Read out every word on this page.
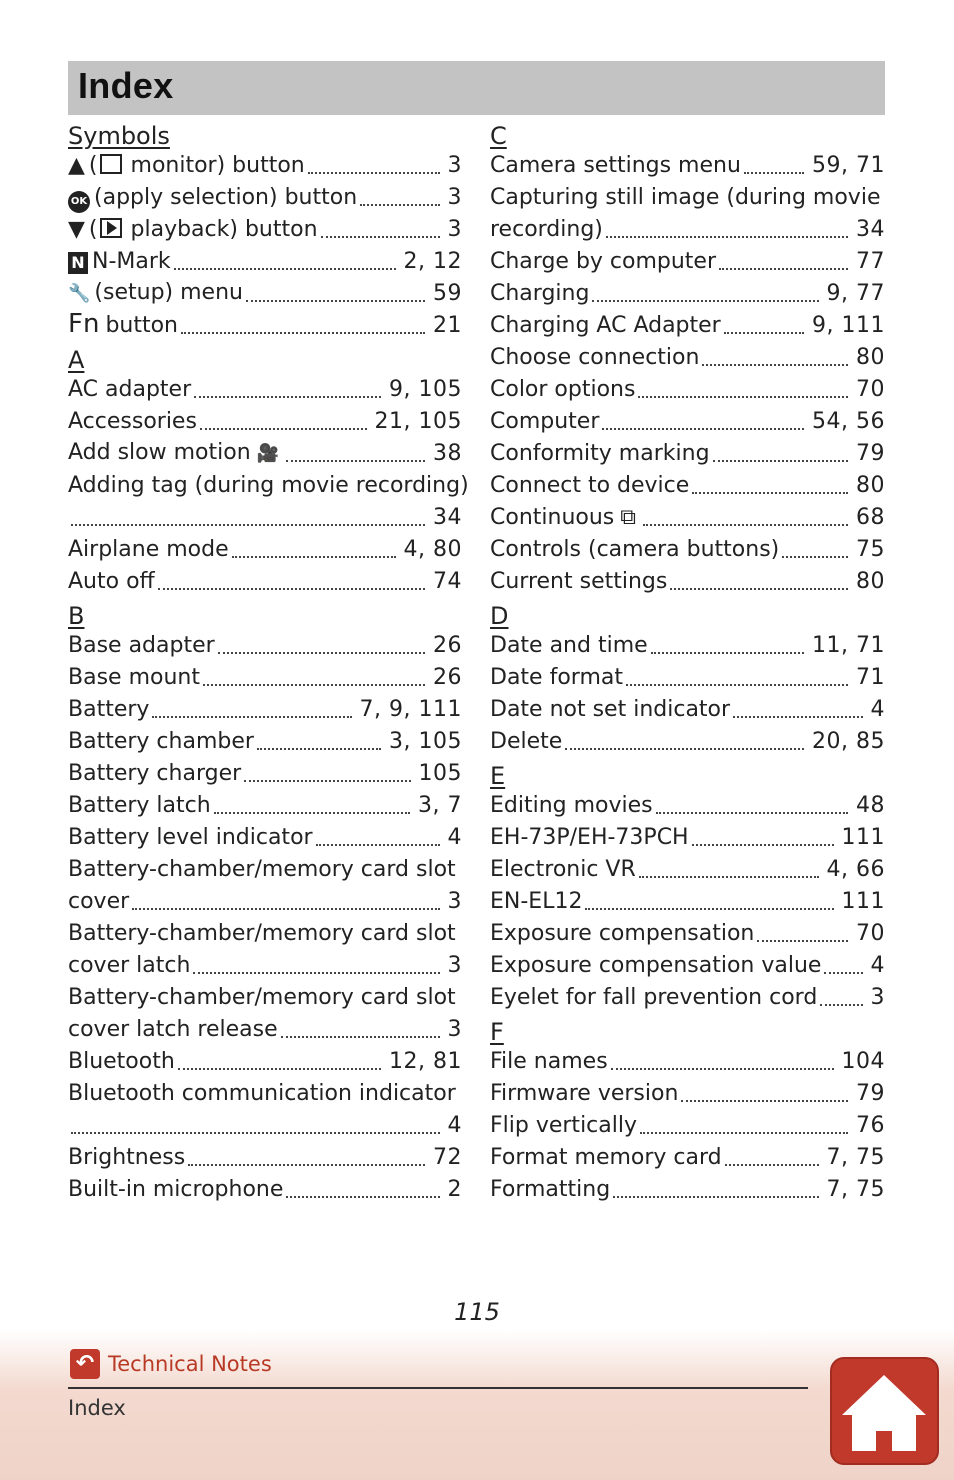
Index
Symbols
▲ ( monitor) button	3
OK (apply selection) button	3
▼ (
playback) button	3
N N-Mark	2, 12
🔧 (setup) menu	59
Fn button	21
A
AC adapter	9, 105
Accessories	21, 105
Add slow motion 🎥	38
Adding tag (during movie recording)
34
Airplane mode	4, 80
Auto off	74
B
Base adapter	26
Base mount	26
Battery	7, 9, 111
Battery chamber	3, 105
Battery charger	105
Battery latch	3, 7
Battery level indicator	4
Battery-chamber/memory card slot
cover	3
Battery-chamber/memory card slot
cover latch	3
Battery-chamber/memory card slot
cover latch release	3
Bluetooth	12, 81
Bluetooth communication indicator
4
Brightness	72
Built-in microphone	2
C
Camera settings menu	59, 71
Capturing still image (during movie
recording)	34
Charge by computer	77
Charging	9, 77
Charging AC Adapter	9, 111
Choose connection	80
Color options	70
Computer	54, 56
Conformity marking	79
Connect to device	80
Continuous ⧉	68
Controls (camera buttons)	75
Current settings	80
D
Date and time	11, 71
Date format	71
Date not set indicator	4
Delete	20, 85
E
Editing movies	48
EH-73P/EH-73PCH	111
Electronic VR	4, 66
EN-EL12	111
Exposure compensation	70
Exposure compensation value 4
Eyelet for fall prevention cord 3
F
File names	104
Firmware version	79
Flip vertically	76
Format memory card	7, 75
Formatting	7, 75
115
↶ Technical Notes
Index
